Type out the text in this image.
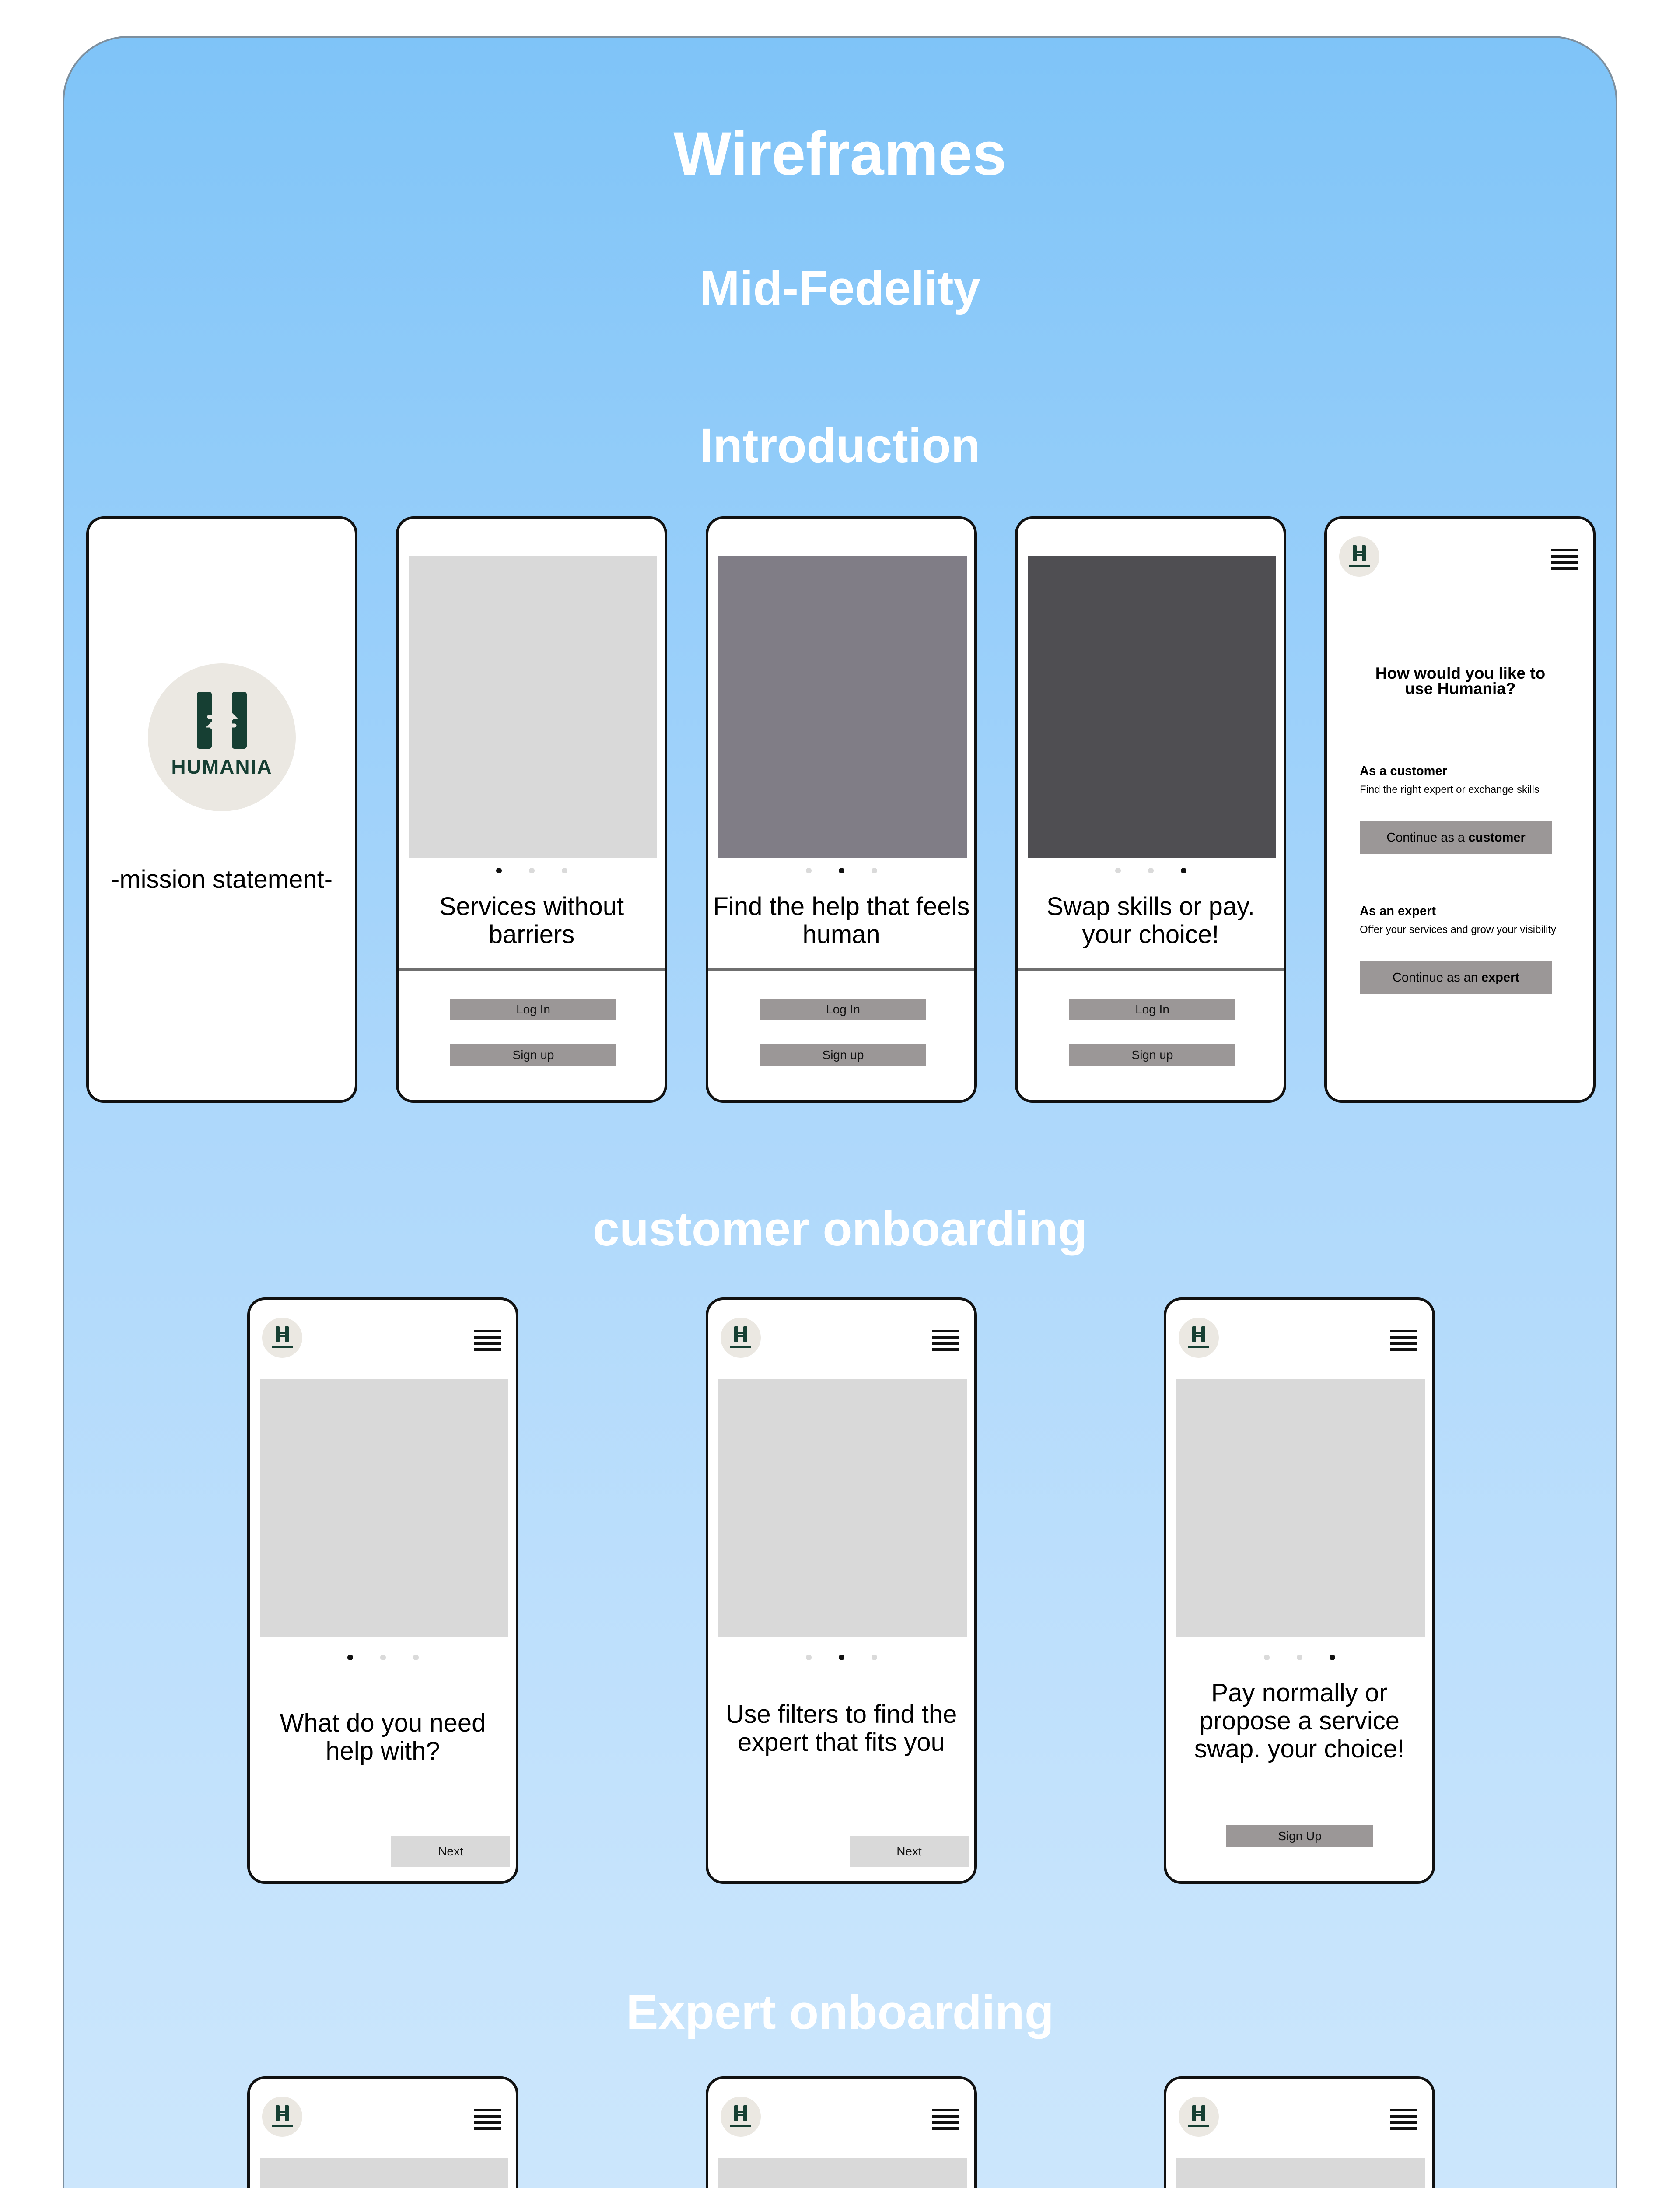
Wireframes
Mid-Fedelity
Introduction
customer onboarding
Expert onboarding
HUMANIA
-mission statement-
Services without barriers
Log In
Sign up
Find the help that feels human
Log In
Sign up
Swap skills or pay. your choice!
Log In
Sign up
How would you like to use Humania?
As a customer
Find the right expert or exchange skills
Continue as a customer
As an expert
Offer your services and grow your visibility
Continue as an expert
What do you need help with?
Next
Use filters to find the expert that fits you
Next
Pay normally or propose a service swap. your choice!
Sign Up
